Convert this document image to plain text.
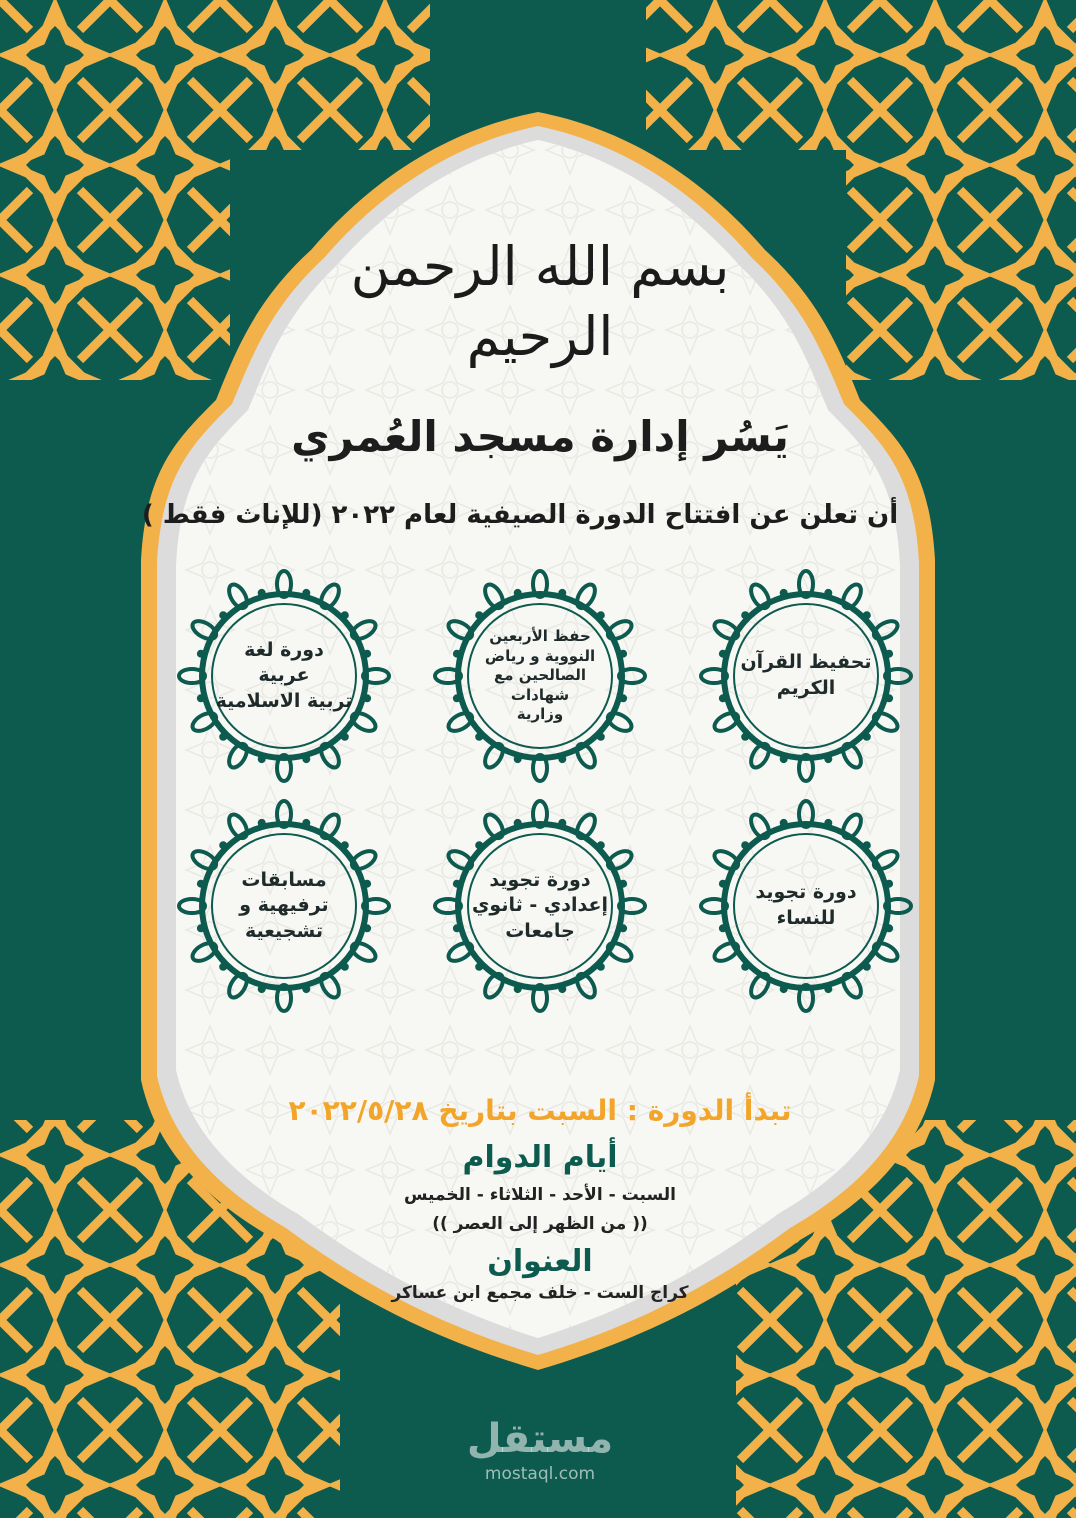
بسم الله الرحمن الرحيم
يَسُر إدارة مسجد العُمري
أن تعلن عن افتتاح الدورة الصيفية لعام ٢٠٢٢ (للإناث فقط )
تحفيظ القرآن
الكريم
حفظ الأربعين
النووية و رياض
الصالحين مع
شهادات
وزارية
دورة لغة
عربية
تربية الاسلامية
دورة تجويد
للنساء
دورة تجويد
إعدادي - ثانوي
جامعات
مسابقات
ترفيهية و
تشجيعية
تبدأ الدورة : السبت بتاريخ ٢٠٢٢/٥/٢٨
أيام الدوام
السبت - الأحد - الثلاثاء - الخميس
(( من الظهر إلى العصر ))
العنوان
كراج الست - خلف مجمع ابن عساكر
مستقل
mostaql.com
